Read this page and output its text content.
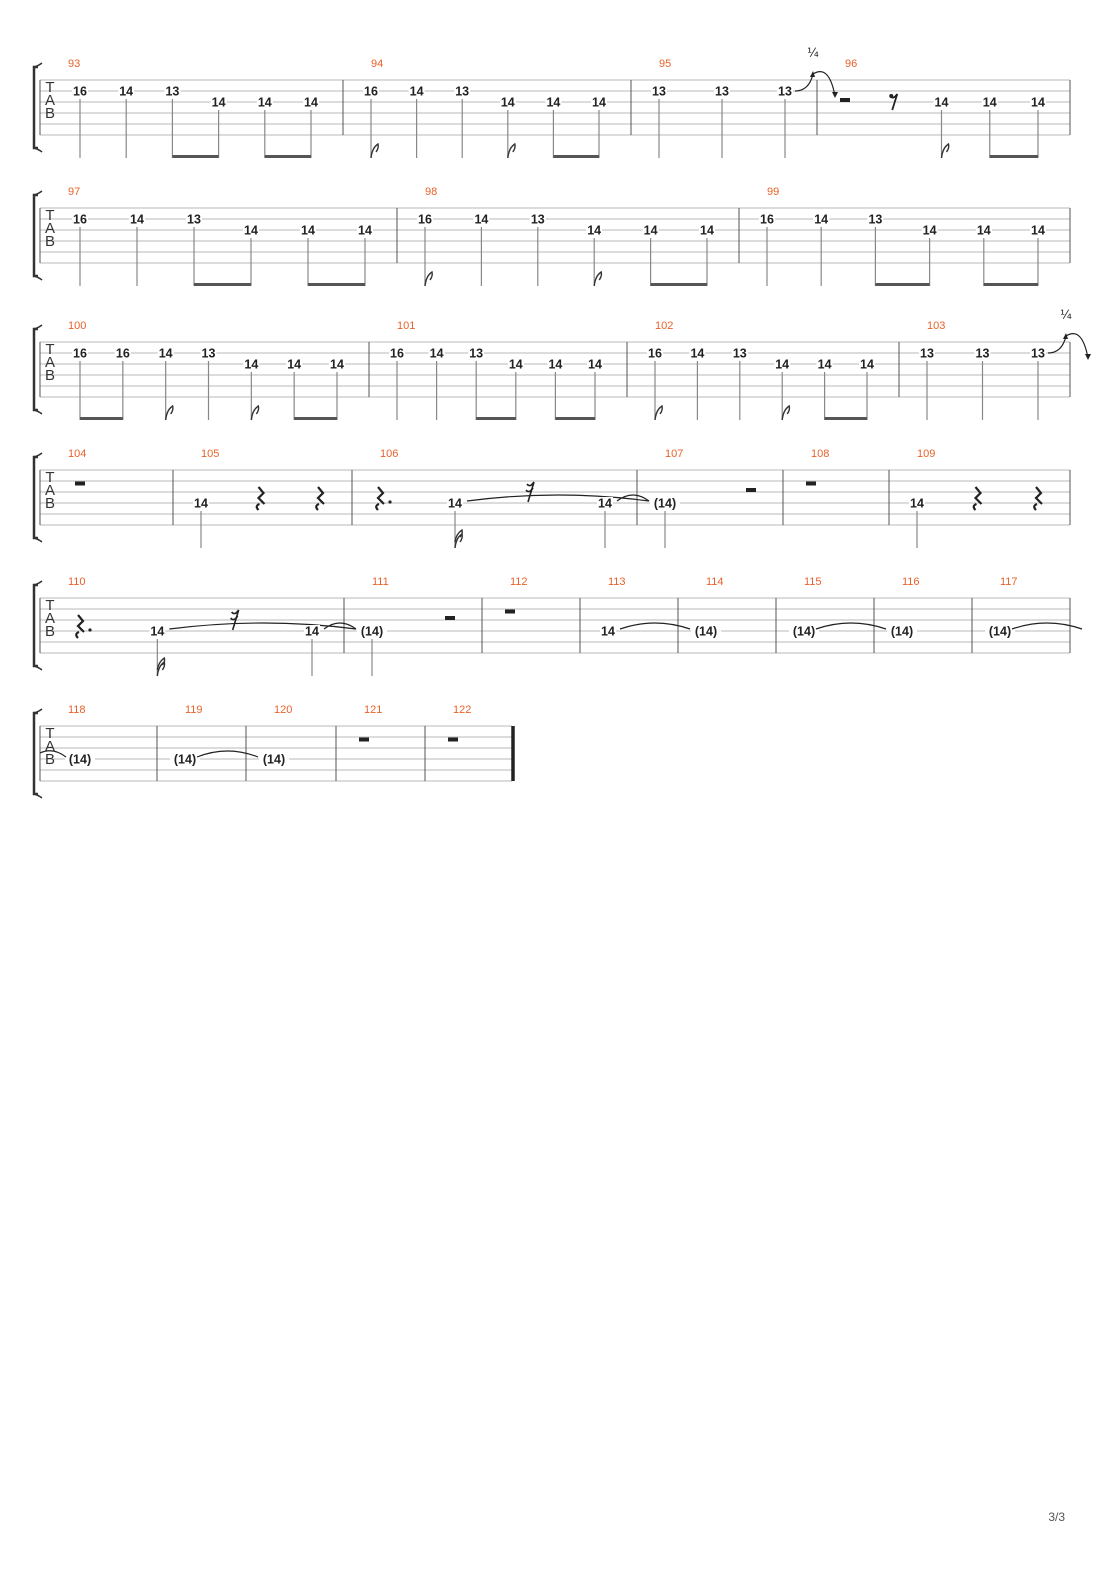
T
A
B
93
16	14	13
14	14	14
94
16	14	13
14	14	14
95
13	13	13
¼
96
14	14	14
T
A
B
97
16	14	13
14	14	14
98
16	14	13
14	14	14
99
16	14	13
14	14	14
T
A
B
100
16 16 14 13
14 14 14
101
16 14 13
14 14 14
102
16 14 13
14 14 14
103
13	13	13
¼
T
A
B
104	105
14
106
14	14
107
(14)
108	109
14
T
A
B
110
14	14
111
(14)
112	113
14
114
(14)
115
(14)
116
(14)
117
(14)
T
A
B
118
(14)
119
(14)
120
(14)
121	122
3/3
